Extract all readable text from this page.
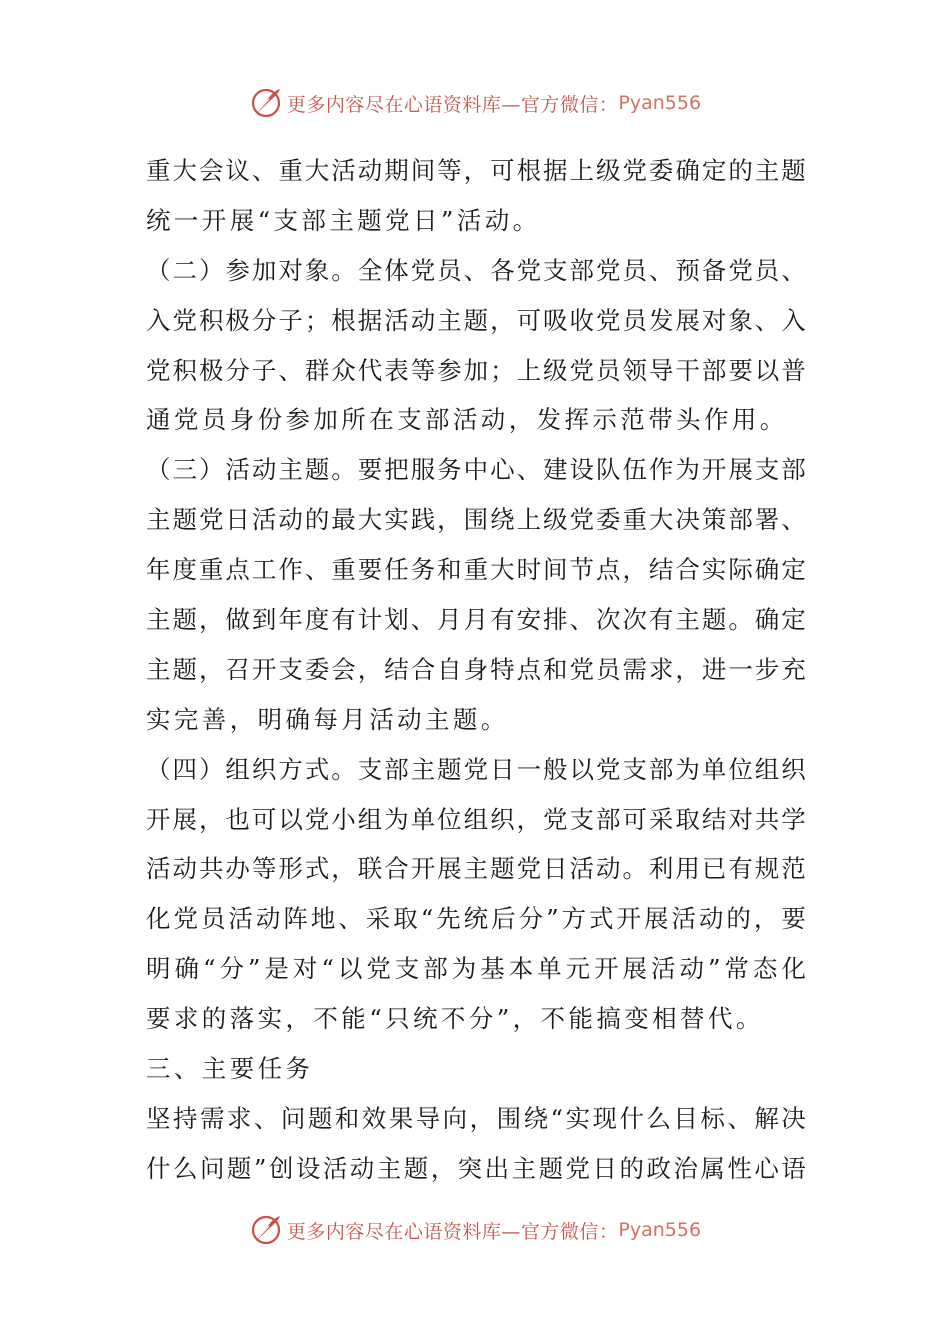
更多内容尽在心语资料库—官方微信： Pyan556
重 大 会 议 、 重 大 活 动 期 间 等 ， 可 根 据 上 级 党 委 确 定 的 主 题
统一开展“支部主题党日”活动。
（ 二 ） 参 加 对 象 。 全 体 党 员 、 各 党 支 部 党 员 、 预 备 党 员 、
入 党 积 极 分 子 ； 根 据 活 动 主 题 ， 可 吸 收 党 员 发 展 对 象 、 入
党 积 极 分 子 、 群 众 代 表 等 参 加 ； 上 级 党 员 领 导 干 部 要 以 普
通党员身份参加所在支部活动，发挥示范带头作用。
（ 三 ） 活 动 主 题 。 要 把 服 务 中 心 、 建 设 队 伍 作 为 开 展 支 部
主 题 党 日 活 动 的 最 大 实 践 ， 围 绕 上 级 党 委 重 大 决 策 部 署 、
年 度 重 点 工 作 、 重 要 任 务 和 重 大 时 间 节 点 ， 结 合 实 际 确 定
主 题 ， 做 到 年 度 有 计 划 、 月 月 有 安 排 、 次 次 有 主 题 。 确 定
主 题 ， 召 开 支 委 会 ， 结 合 自 身 特 点 和 党 员 需 求 ， 进 一 步 充
实完善，明确每月活动主题。
（ 四 ） 组 织 方 式 。 支 部 主 题 党 日 一 般 以 党 支 部 为 单 位 组 织
开 展 ， 也 可 以 党 小 组 为 单 位 组 织 ， 党 支 部 可 采 取 结 对 共 学
活 动 共 办 等 形 式 ， 联 合 开 展 主 题 党 日 活 动 。 利 用 已 有 规 范
化 党 员 活 动 阵 地 、 采 取 “ 先 统 后 分 ” 方 式 开 展 活 动 的 ， 要
明 确 “ 分 ” 是 对 “ 以 党 支 部 为 基 本 单 元 开 展 活 动 ” 常 态 化
要求的落实，不能“只统不分”，不能搞变相替代。
三、主要任务
坚 持 需 求 、 问 题 和 效 果 导 向 ， 围 绕 “ 实 现 什 么 目 标 、 解 决
什 么 问 题 ” 创 设 活 动 主 题 ， 突 出 主 题 党 日 的 政 治 属 性 心 语
更多内容尽在心语资料库—官方微信： Pyan556
